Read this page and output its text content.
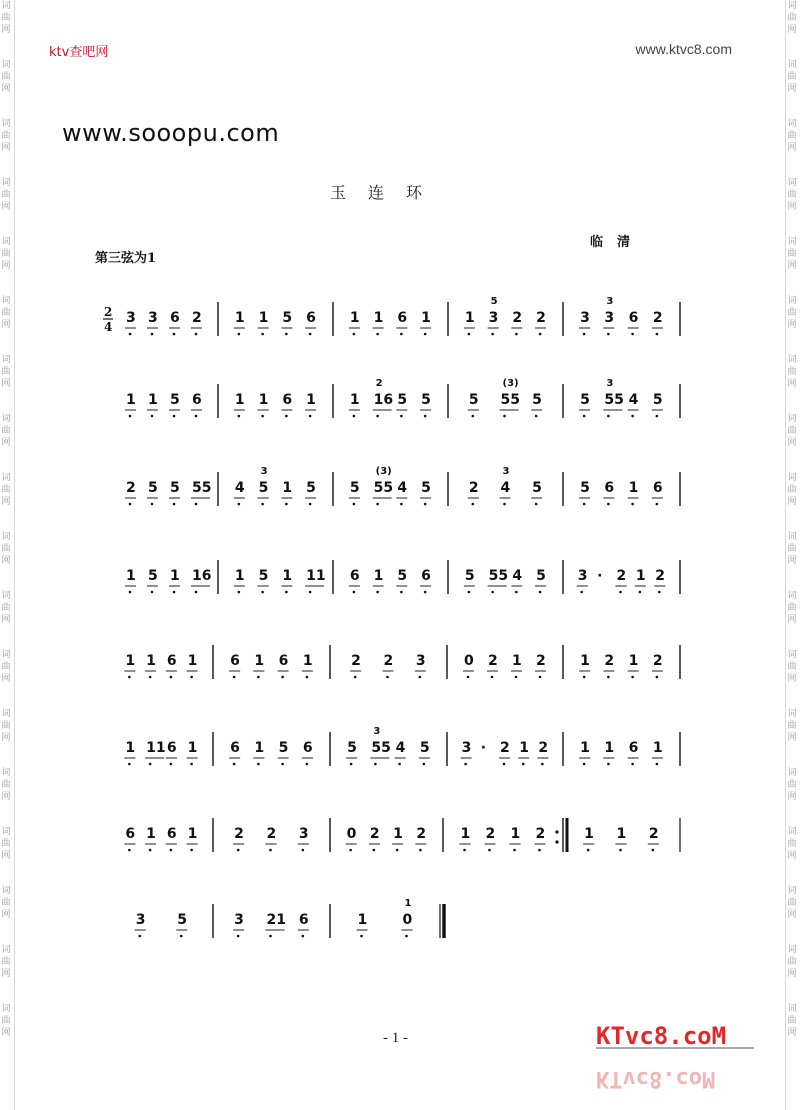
词
曲
网
词
曲
网
词
曲
网
词
曲
网
词
曲
网
词
曲
网
词
曲
网
词
曲
网
词
曲
网
词
曲
网
词
曲
网
词
曲
网
词
曲
网
词
曲
网
词
曲
网
词
曲
网
词
曲
网
词
曲
网
词
曲
网
词
曲
网
词
曲
网
词
曲
网
词
曲
网
词
曲
网
词
曲
网
词
曲
网
词
曲
网
词
曲
网
词
曲
网
词
曲
网
词
曲
网
词
曲
网
词
曲
网
词
曲
网
词
曲
网
词
曲
网
ktv查吧网	www.ktvc8.com
www.sooopu.com
玉连环
临清
第三弦为1
2
4
3 3 6 2 1 1 5 6 1 1 6 1 1 3 2 2
5
3 3 6 2
3
1 1 5 6 1 1 6 1 1 16 5 5
2
5 55 5
(3)
5 55 4 5
3
2 5 5 55 4 5 1 5
3
5 55 4 5
(3)
2 4 5
3
5 6 1 6
1 5 1 16 1 5 1 11 6 1 5 6 5 55 4 5 3 · 2 1 2
1 1 6 1 6 1 6 1	2 2 3	0 2 1 2 1 2 1 2
1 11 6 1 6 1 5 6 5 55 4 5
3
3 · 2 1 2 1 1 6 1
6 1 6 1	2 2 3	0 2 1 2 1 2 1 2	1 1 2
3 5	3 21 6	1	0
1
- 1 -	KTvc8.coM
KTvc8.coM
